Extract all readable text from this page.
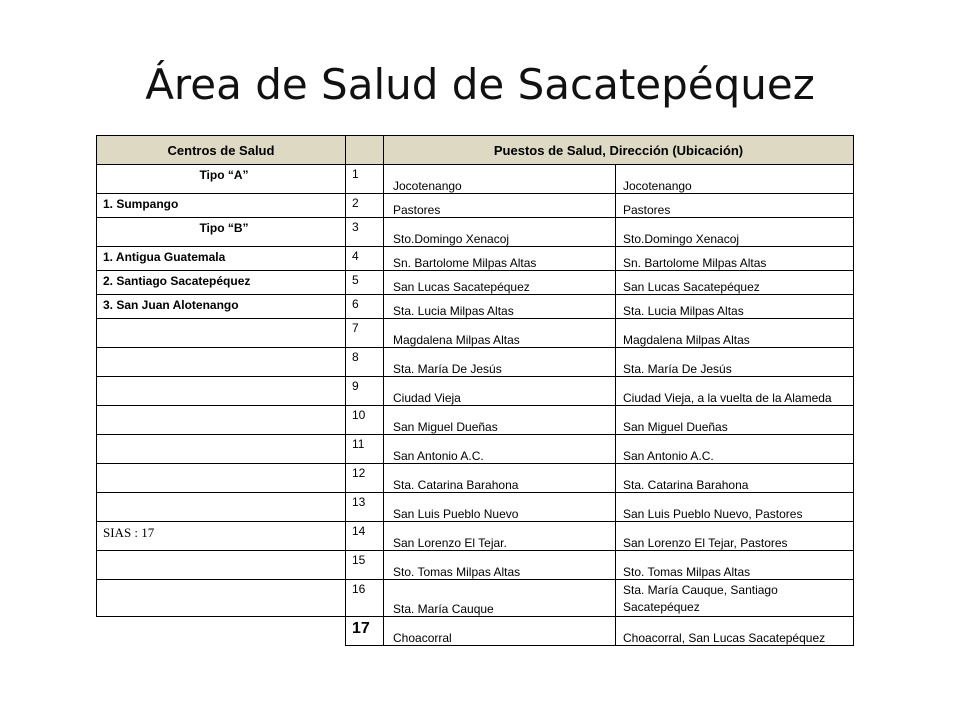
Área de Salud de Sacatepéquez
Centros de Salud		Puestos de Salud, Dirección (Ubicación)	
Tipo “A”	1	Jocotenango	Jocotenango
1. Sumpango	2	Pastores	Pastores
Tipo “B”	3	Sto.Domingo Xenacoj	Sto.Domingo Xenacoj
1. Antigua Guatemala	4	Sn. Bartolome Milpas Altas	Sn. Bartolome Milpas Altas
2. Santiago Sacatepéquez	5	San Lucas Sacatepéquez	San Lucas Sacatepéquez
3. San Juan Alotenango	6	Sta. Lucia Milpas Altas	Sta. Lucia Milpas Altas
	7	Magdalena Milpas Altas	Magdalena Milpas Altas
	8	Sta. María De Jesús	Sta. María De Jesús
	9	Ciudad Vieja	Ciudad Vieja, a la vuelta de la Alameda
	10	San Miguel Dueñas	San Miguel Dueñas
	11	San Antonio A.C.	San Antonio A.C.
	12	Sta. Catarina Barahona	Sta. Catarina Barahona
	13	San Luis Pueblo Nuevo	San Luis Pueblo Nuevo, Pastores
SIAS : 17	14	San Lorenzo El Tejar.	San Lorenzo El Tejar, Pastores
	15	Sto. Tomas Milpas Altas	Sto. Tomas Milpas Altas
	16	Sta. María Cauque	Sta. María Cauque, Santiago Sacatepéquez
	17	Choacorral	Choacorral, San Lucas Sacatepéquez
